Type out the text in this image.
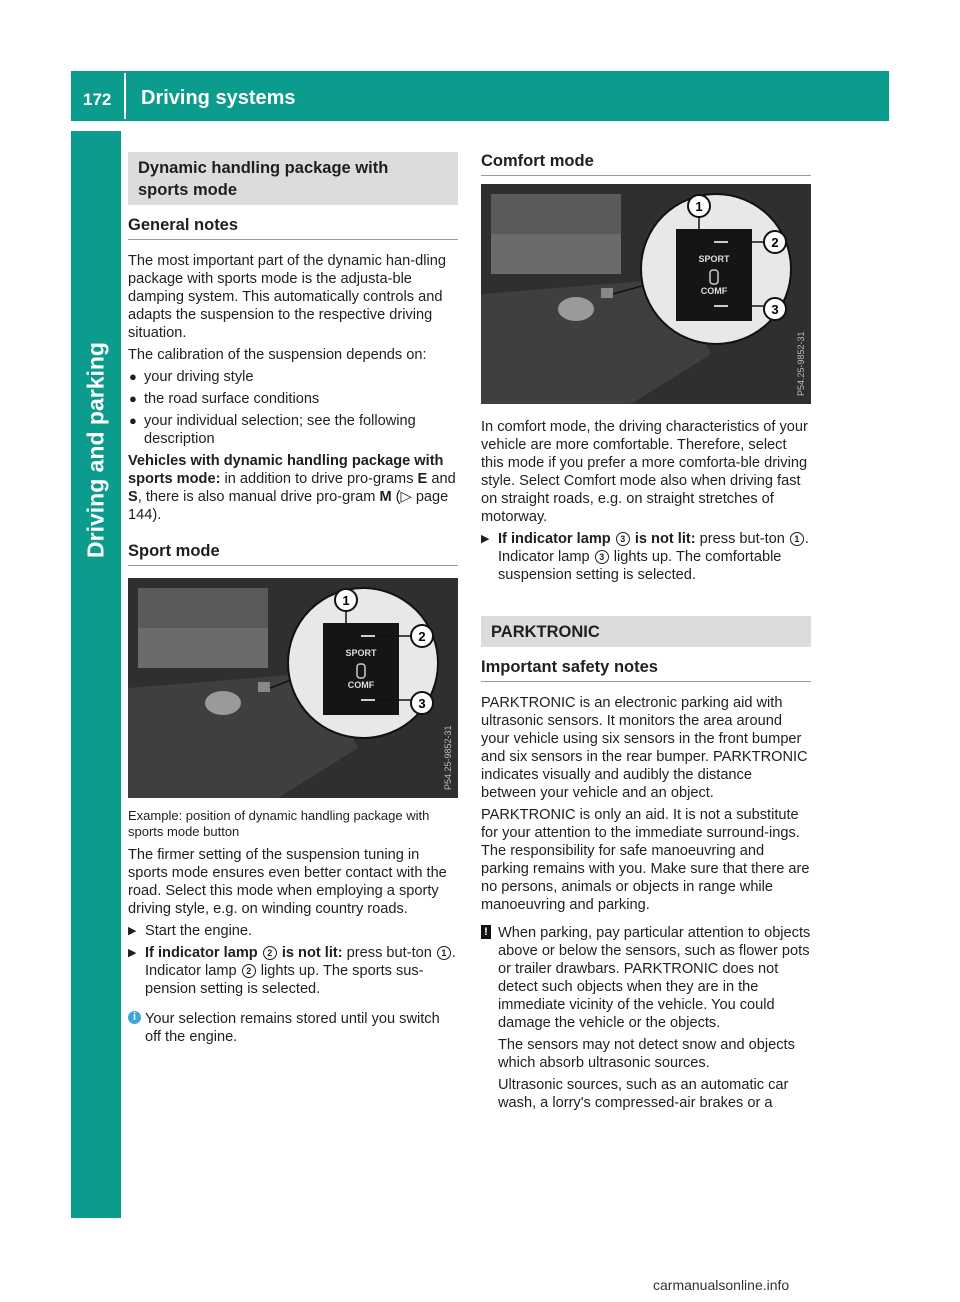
172 Driving systems
Driving and parking
Dynamic handling package with
sports mode
General notes

The most important part of the dynamic han-dling package with sports mode is the adjusta-ble damping system. This automatically controls and adapts the suspension to the respective driving situation.

The calibration of the suspension depends on:

● your driving style
● the road surface conditions
● your individual selection; see the following description

Vehicles with dynamic handling package with sports mode: in addition to drive pro-grams E and S, there is also manual drive pro-gram M (▷ page 144).

Sport mode
SPORT
COMF
1
2
3
P54.25-9852-31
Example: position of dynamic handling package with sports mode button

The firmer setting of the suspension tuning in sports mode ensures even better contact with the road. Select this mode when employing a sporty driving style, e.g. on winding country roads.

▶ Start the engine.
▶ If indicator lamp 2 is not lit: press but-ton 1 .
Indicator lamp 2 lights up. The sports sus-pension setting is selected.
i Your selection remains stored until you switch off the engine.
Comfort mode
SPORT
COMF
1
2
3
P54.25-9852-31

In comfort mode, the driving characteristics of your vehicle are more comfortable. Therefore, select this mode if you prefer a more comforta-ble driving style. Select Comfort mode also when driving fast on straight roads, e.g. on straight stretches of motorway.

▶ If indicator lamp 3 is not lit: press but-ton 1 .
Indicator lamp 3 lights up. The comfortable suspension setting is selected.
PARKTRONIC
Important safety notes

PARKTRONIC is an electronic parking aid with ultrasonic sensors. It monitors the area around your vehicle using six sensors in the front bumper and six sensors in the rear bumper. PARKTRONIC indicates visually and audibly the distance between your vehicle and an object.

PARKTRONIC is only an aid. It is not a substitute for your attention to the immediate surround-ings. The responsibility for safe manoeuvring and parking remains with you. Make sure that there are no persons, animals or objects in range while manoeuvring and parking.

! When parking, pay particular attention to objects above or below the sensors, such as flower pots or trailer drawbars. PARKTRONIC does not detect such objects when they are in the immediate vicinity of the vehicle. You could damage the vehicle or the objects.

The sensors may not detect snow and objects which absorb ultrasonic sources.

Ultrasonic sources, such as an automatic car wash, a lorry's compressed-air brakes or a

carmanualsonline.info
